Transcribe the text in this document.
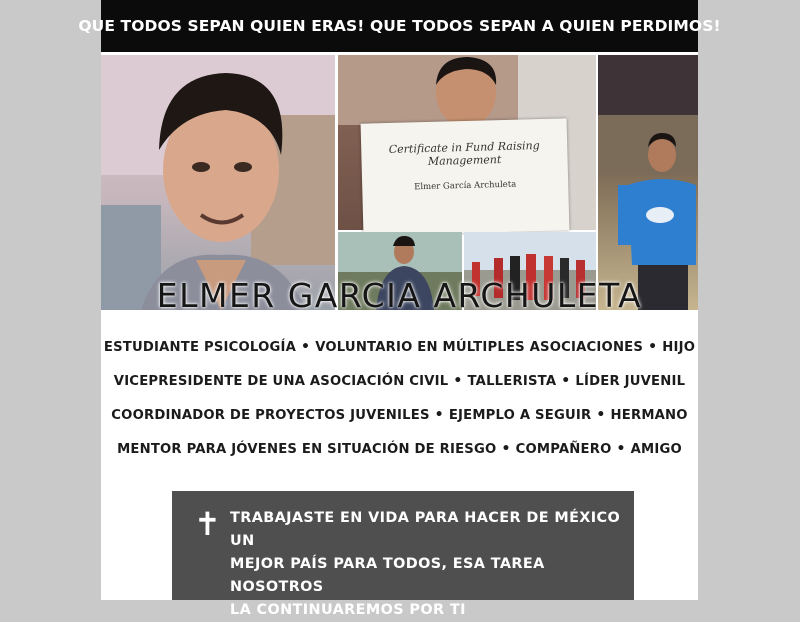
QUE TODOS SEPAN QUIEN ERAS! QUE TODOS SEPAN A QUIEN PERDIMOS!
Certificate in Fund Raising Management
Elmer García Archuleta
ELMER GARCIA ARCHULETA
ESTUDIANTE PSICOLOGÍA • VOLUNTARIO EN MÚLTIPLES ASOCIACIONES • HIJO
VICEPRESIDENTE DE UNA ASOCIACIÓN CIVIL • TALLERISTA • LÍDER JUVENIL
COORDINADOR DE PROYECTOS JUVENILES • EJEMPLO A SEGUIR • HERMANO
MENTOR PARA JÓVENES EN SITUACIÓN DE RIESGO • COMPAÑERO • AMIGO
✝ TRABAJASTE EN VIDA PARA HACER DE MÉXICO UN
MEJOR PAÍS PARA TODOS, ESA TAREA NOSOTROS
LA CONTINUAREMOS POR TI
